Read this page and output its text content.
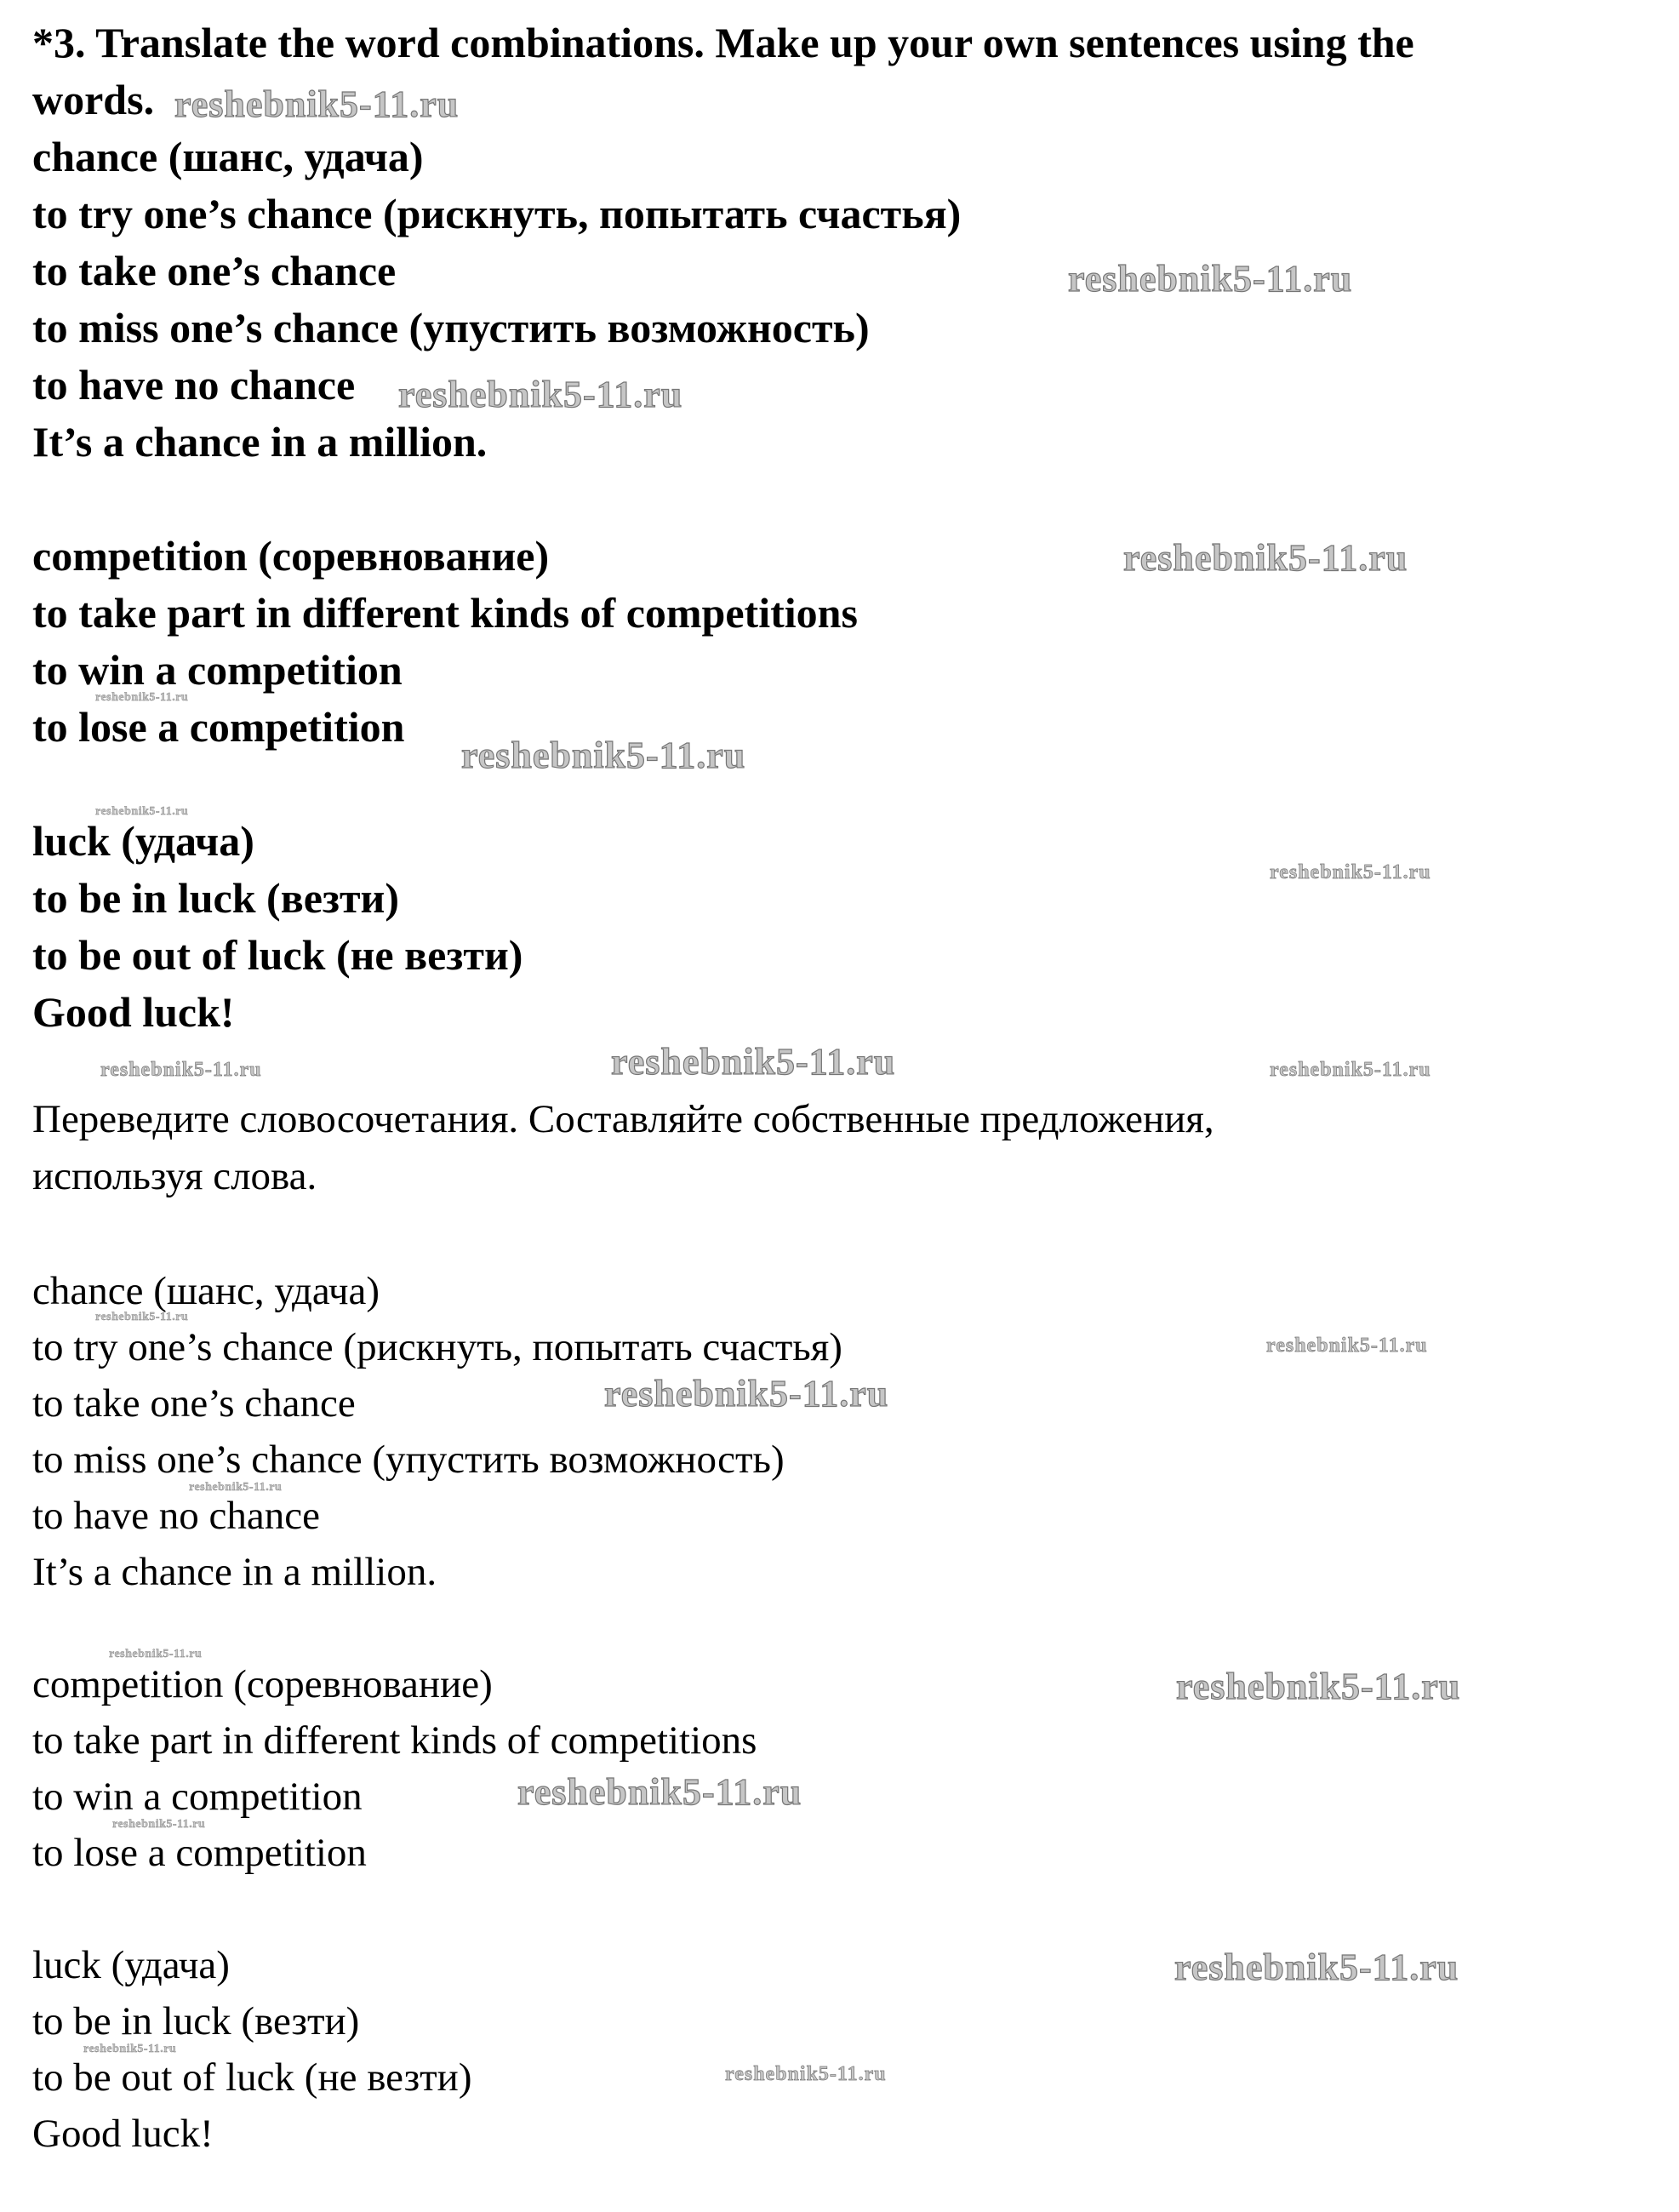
*3. Translate the word combinations. Make up your own sentences using the
words.
chance (шанс, удача)
to try one’s chance (рискнуть, попытать счастья)
to take one’s chance
to miss one’s chance (упустить возможность)
to have no chance
It’s a chance in a million.
competition (соревнование)
to take part in different kinds of competitions
to win a competition
to lose a competition
luck (удача)
to be in luck (везти)
to be out of luck (не везти)
Good luck!
Переведите словосочетания. Составляйте собственные предложения,
используя слова.
chance (шанс, удача)
to try one’s chance (рискнуть, попытать счастья)
to take one’s chance
to miss one’s chance (упустить возможность)
to have no chance
It’s a chance in a million.
competition (соревнование)
to take part in different kinds of competitions
to win a competition
to lose a competition
luck (удача)
to be in luck (везти)
to be out of luck (не везти)
Good luck!
reshebnik5-11.ru
reshebnik5-11.ru
reshebnik5-11.ru
reshebnik5-11.ru
reshebnik5-11.ru
reshebnik5-11.ru
reshebnik5-11.ru
reshebnik5-11.ru
reshebnik5-11.ru	reshebnik5-11.ru	reshebnik5-11.ru
reshebnik5-11.ru
reshebnik5-11.ru
reshebnik5-11.ru
reshebnik5-11.ru
reshebnik5-11.ru
reshebnik5-11.ru
reshebnik5-11.ru
reshebnik5-11.ru
reshebnik5-11.ru
reshebnik5-11.ru
reshebnik5-11.ru
